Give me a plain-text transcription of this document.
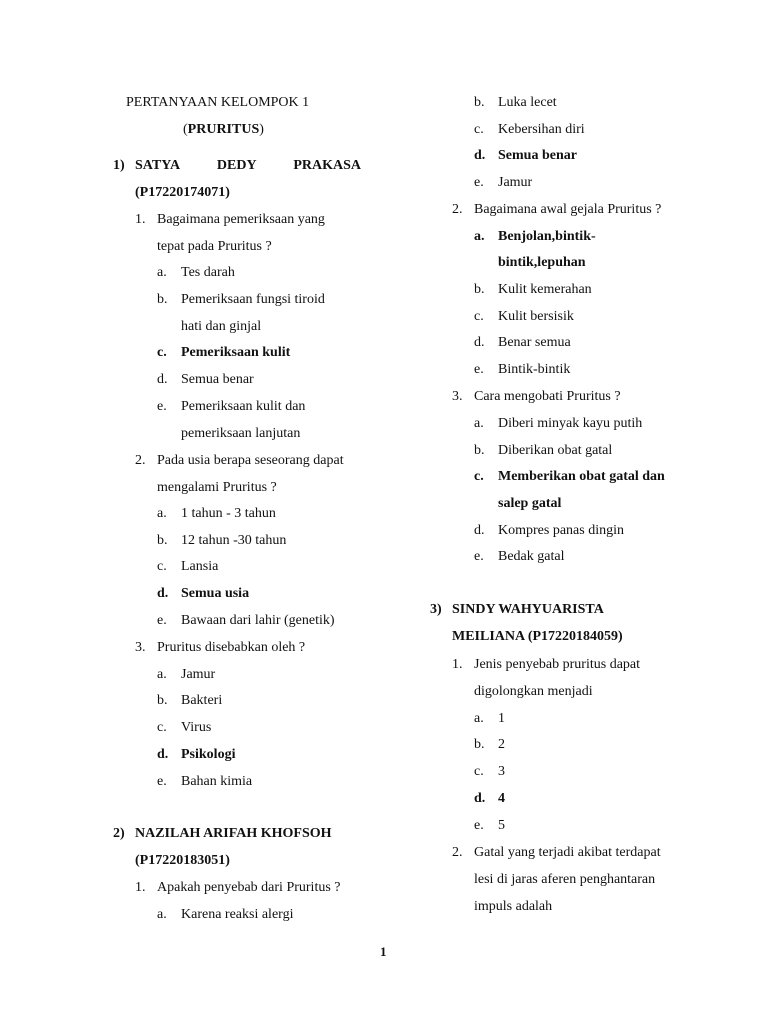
PERTANYAAN KELOMPOK 1
(PRURITUS)
1) SATYA	DEDY	PRAKASA
(P17220174071)
1. Bagaimana pemeriksaan yang
tepat pada Pruritus ?
a. Tes darah
b. Pemeriksaan fungsi tiroid
hati dan ginjal
c. Pemeriksaan kulit
d. Semua benar
e. Pemeriksaan kulit dan
pemeriksaan lanjutan
2. Pada usia berapa seseorang dapat
mengalami Pruritus ?
a. 1 tahun - 3 tahun
b. 12 tahun -30 tahun
c. Lansia
d. Semua usia
e. Bawaan dari lahir (genetik)
3. Pruritus disebabkan oleh ?
a. Jamur
b. Bakteri
c. Virus
d. Psikologi
e. Bahan kimia
2) NAZILAH ARIFAH KHOFSOH
(P17220183051)
1. Apakah penyebab dari Pruritus ?
a. Karena reaksi alergi
b. Luka lecet
c. Kebersihan diri
d. Semua benar
e. Jamur
2. Bagaimana awal gejala Pruritus ?
a. Benjolan,bintik-
bintik,lepuhan
b. Kulit kemerahan
c. Kulit bersisik
d. Benar semua
e. Bintik-bintik
3. Cara mengobati Pruritus ?
a. Diberi minyak kayu putih
b. Diberikan obat gatal
c. Memberikan obat gatal dan
salep gatal
d. Kompres panas dingin
e. Bedak gatal
3) SINDY WAHYUARISTA
MEILIANA (P17220184059)
1. Jenis penyebab pruritus dapat
digolongkan menjadi
a. 1
b. 2
c. 3
d. 4
e. 5
2. Gatal yang terjadi akibat terdapat
lesi di jaras aferen penghantaran
impuls adalah
1
